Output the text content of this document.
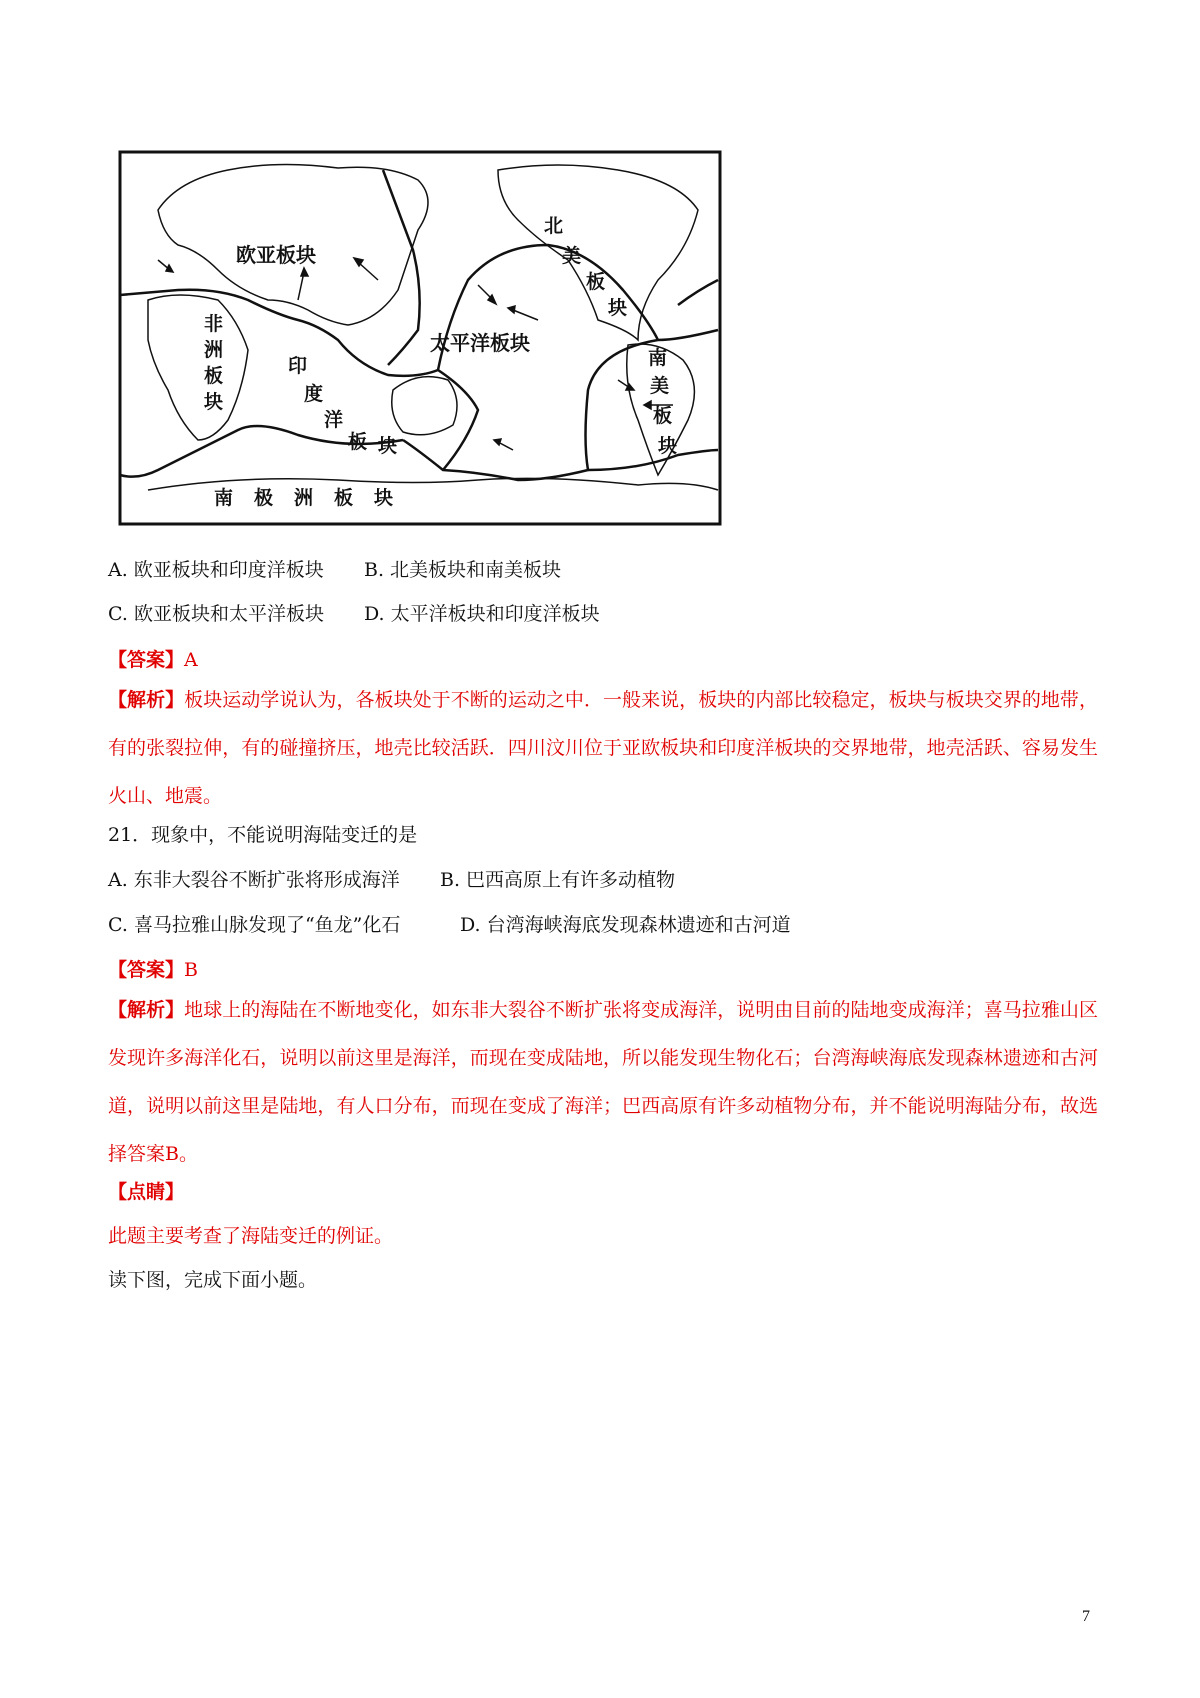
欧亚板块
太平洋板块
北
美
板
块
非
洲
板
块
印
度
洋
板 块
南
美
板
块
南 极 洲 板 块
A. 欧亚板块和印度洋板块 B. 北美板块和南美板块
C. 欧亚板块和太平洋板块 D. 太平洋板块和印度洋板块
【答案】A
【解析】板块运动学说认为，各板块处于不断的运动之中．一般来说，板块的内部比较稳定，板块与板块交界的地带，有的张裂拉伸，有的碰撞挤压，地壳比较活跃．四川汶川位于亚欧板块和印度洋板块的交界地带，地壳活跃、容易发生火山、地震。
21．现象中，不能说明海陆变迁的是
A. 东非大裂谷不断扩张将形成海洋 B. 巴西高原上有许多动植物
C. 喜马拉雅山脉发现了“鱼龙”化石	D. 台湾海峡海底发现森林遗迹和古河道
【答案】B
【解析】地球上的海陆在不断地变化，如东非大裂谷不断扩张将变成海洋，说明由目前的陆地变成海洋；喜马拉雅山区发现许多海洋化石，说明以前这里是海洋，而现在变成陆地，所以能发现生物化石；台湾海峡海底发现森林遗迹和古河道，说明以前这里是陆地，有人口分布，而现在变成了海洋；巴西高原有许多动植物分布，并不能说明海陆分布，故选择答案B。
【点睛】
此题主要考查了海陆变迁的例证。
读下图，完成下面小题。
7
